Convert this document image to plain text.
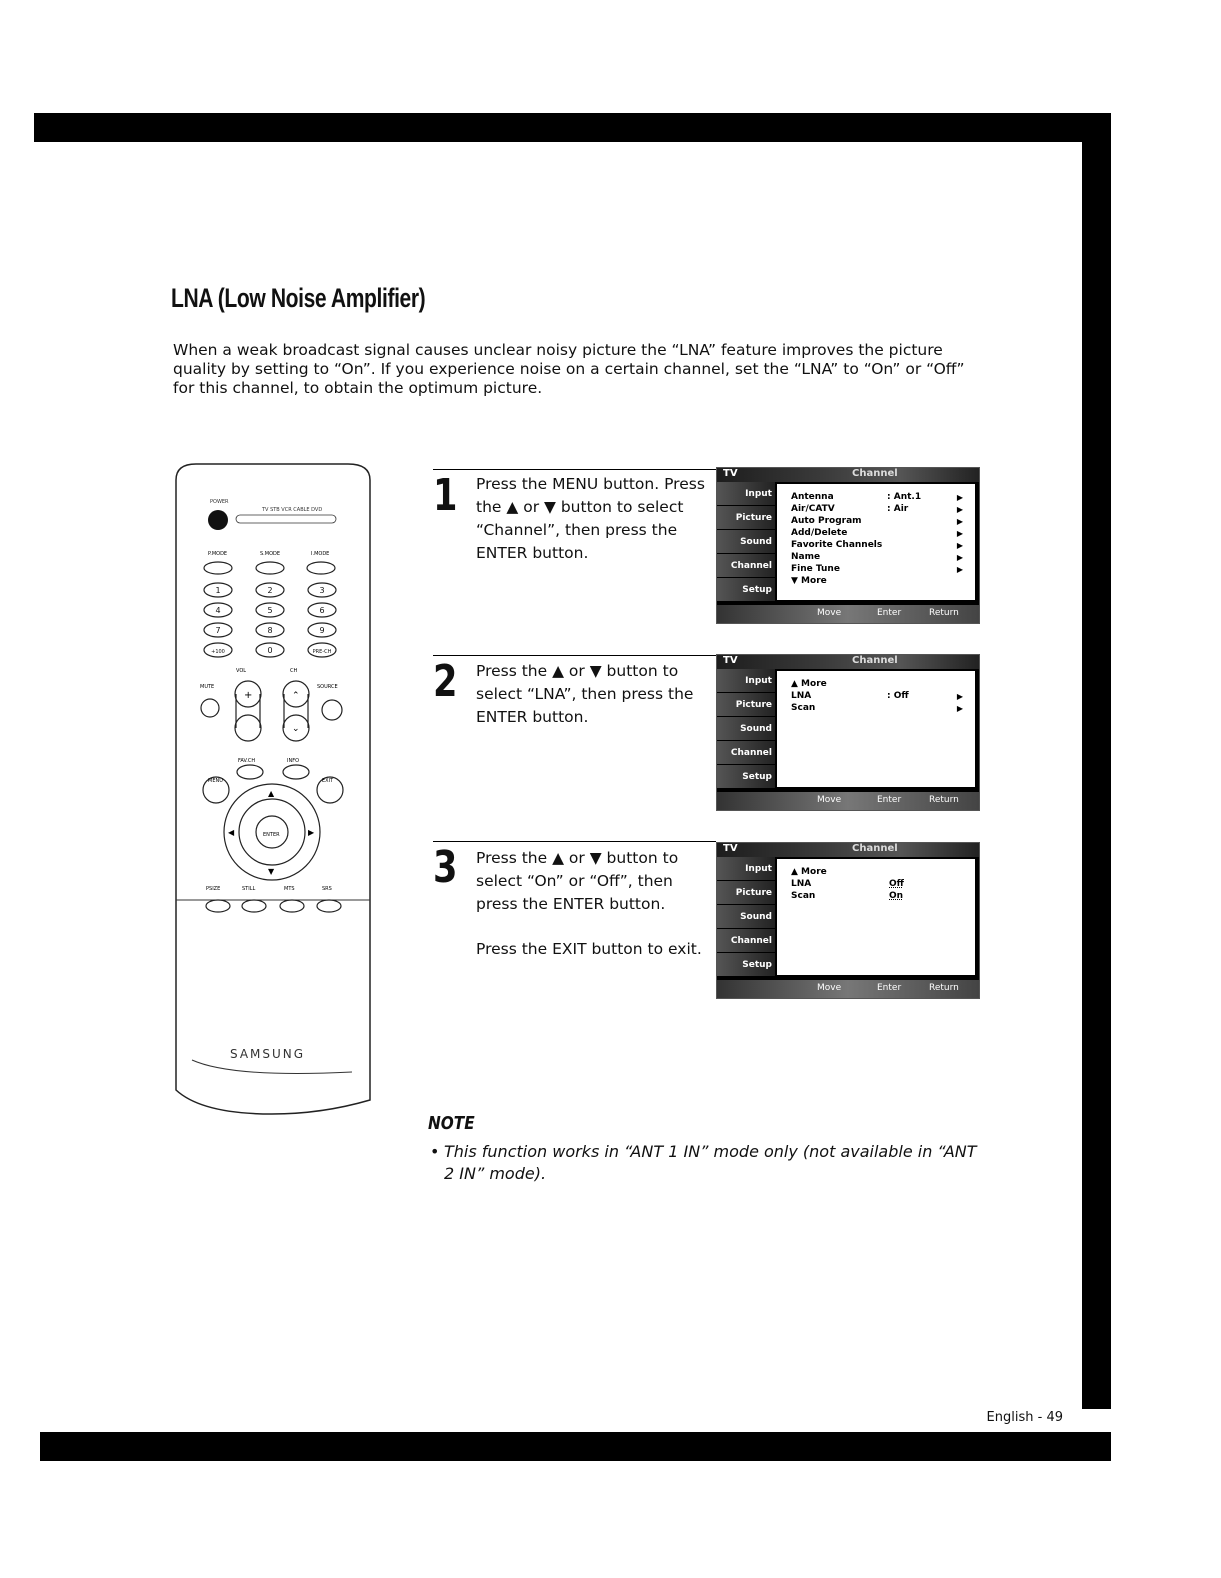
LNA (Low Noise Amplifier)
When a weak broadcast signal causes unclear noisy picture the “LNA” feature improves the picture quality by setting to “On”. If you experience noise on a certain channel, set the “LNA” to “On” or “Off” for this channel, to obtain the optimum picture.
POWER
TV STB VCR CABLE DVD
P.MODE	S.MODE	I.MODE
1	2	3
4	5	6
7	8	9
+100	0	PRE-CH
VOL	CH
MUTE	SOURCE
+	⌃
⌄
FAV.CH	INFO
MENU	EXIT
ENTER
▲
▼
◀	▶
PSIZE	STILL	MTS	SRS
SAMSUNG
1 Press the MENU button. Press the ▲ or ▼ button to select “Channel”, then press the ENTER button.

2 Press the ▲ or ▼ button to select “LNA”, then press the ENTER button.

3 Press the ▲ or ▼ button to select “On” or “Off”, then press the ENTER button.

Press the EXIT button to exit.

TV	Channel
Input
Picture
Sound
Channel
Setup
Antenna	: Ant.1	▶
Air/CATV	: Air	▶
Auto Program	▶
Add/Delete	▶
Favorite Channels	▶
Name	▶
Fine Tune	▶
▼ More
Move	Enter	Return
TV	Channel
Input
Picture
Sound
Channel
Setup
▲ More
LNA	: Off	▶
Scan	▶
Move	Enter	Return
TV	Channel
Input
Picture
Sound
Channel
Setup
▲ More
LNA	Off
Scan	On
Move	Enter	Return
NOTE
• This function works in “ANT 1 IN” mode only (not available in “ANT 2 IN” mode).
English - 49
